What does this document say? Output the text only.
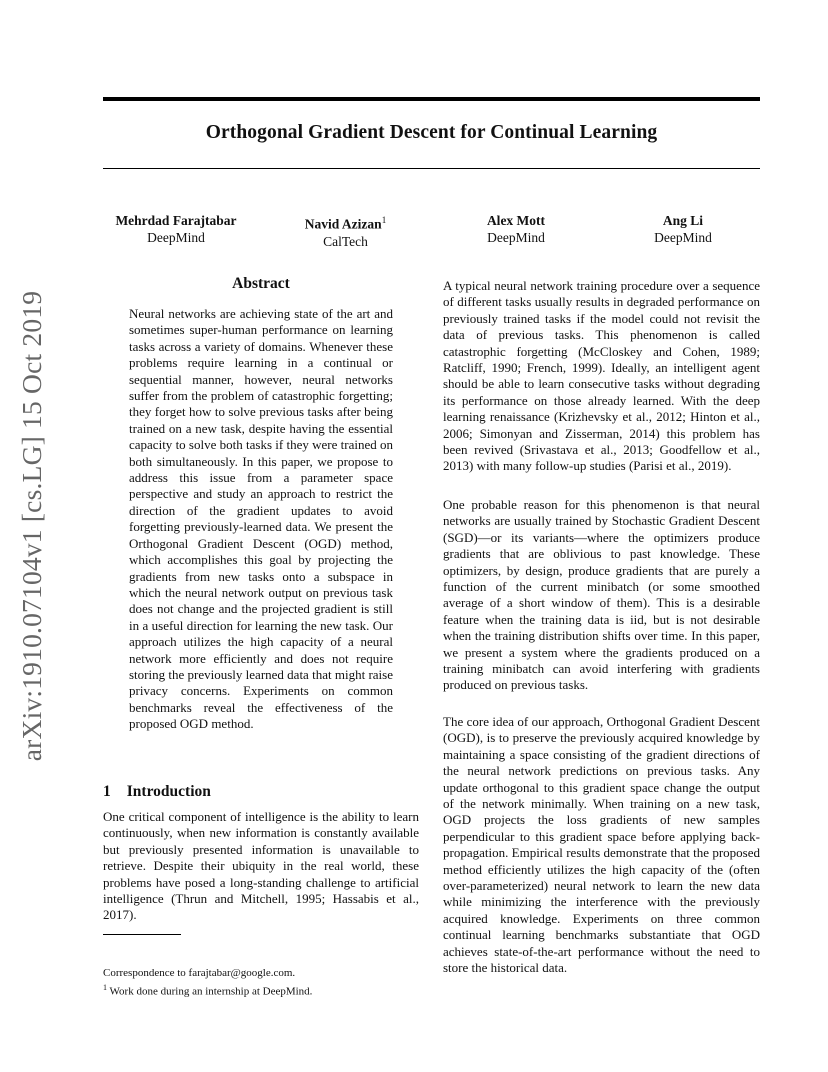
arXiv:1910.07104v1 [cs.LG] 15 Oct 2019
Orthogonal Gradient Descent for Continual Learning
Mehrdad Farajtabar
DeepMind
Navid Azizan$^1$
CalTech
Alex Mott
DeepMind
Ang Li
DeepMind
Abstract

Neural networks are achieving state of the art and sometimes super-human performance on learning tasks across a variety of domains. Whenever these problems require learning in a continual or sequential manner, however, neural networks suffer from the problem of catastrophic forgetting; they forget how to solve previous tasks after being trained on a new task, despite having the essential capacity to solve both tasks if they were trained on both simultaneously. In this paper, we propose to address this issue from a parameter space perspective and study an approach to restrict the direction of the gradient updates to avoid forgetting previously-learned data. We present the Orthogonal Gradient Descent (OGD) method, which accomplishes this goal by projecting the gradients from new tasks onto a subspace in which the neural network output on previous task does not change and the projected gradient is still in a useful direction for learning the new task. Our approach utilizes the high capacity of a neural network more efficiently and does not require storing the previously learned data that might raise privacy concerns. Experiments on common benchmarks reveal the effectiveness of the proposed OGD method.

1 Introduction

One critical component of intelligence is the ability to learn continuously, when new information is constantly available but previously presented information is unavailable to retrieve. Despite their ubiquity in the real world, these problems have posed a long-standing challenge to artificial intelligence (Thrun and Mitchell, 1995; Hassabis et al., 2017).

Correspondence to farajtabar@google.com.
$^1$ Work done during an internship at DeepMind.

A typical neural network training procedure over a sequence of different tasks usually results in degraded performance on previously trained tasks if the model could not revisit the data of previous tasks. This phenomenon is called catastrophic forgetting (McCloskey and Cohen, 1989; Ratcliff, 1990; French, 1999). Ideally, an intelligent agent should be able to learn consecutive tasks without degrading its performance on those already learned. With the deep learning renaissance (Krizhevsky et al., 2012; Hinton et al., 2006; Simonyan and Zisserman, 2014) this problem has been revived (Srivastava et al., 2013; Goodfellow et al., 2013) with many follow-up studies (Parisi et al., 2019).

One probable reason for this phenomenon is that neural networks are usually trained by Stochastic Gradient Descent (SGD)—or its variants—where the optimizers produce gradients that are oblivious to past knowledge. These optimizers, by design, produce gradients that are purely a function of the current minibatch (or some smoothed average of a short window of them). This is a desirable feature when the training data is iid, but is not desirable when the training distribution shifts over time. In this paper, we present a system where the gradients produced on a training minibatch can avoid interfering with gradients produced on previous tasks.

The core idea of our approach, Orthogonal Gradient Descent (OGD), is to preserve the previously acquired knowledge by maintaining a space consisting of the gradient directions of the neural network predictions on previous tasks. Any update orthogonal to this gradient space change the output of the network minimally. When training on a new task, OGD projects the loss gradients of new samples perpendicular to this gradient space before applying back-propagation. Empirical results demonstrate that the proposed method efficiently utilizes the high capacity of the (often over-parameterized) neural network to learn the new data while minimizing the interference with the previously acquired knowledge. Experiments on three common continual learning benchmarks substantiate that OGD achieves state-of-the-art performance without the need to store the historical data.
